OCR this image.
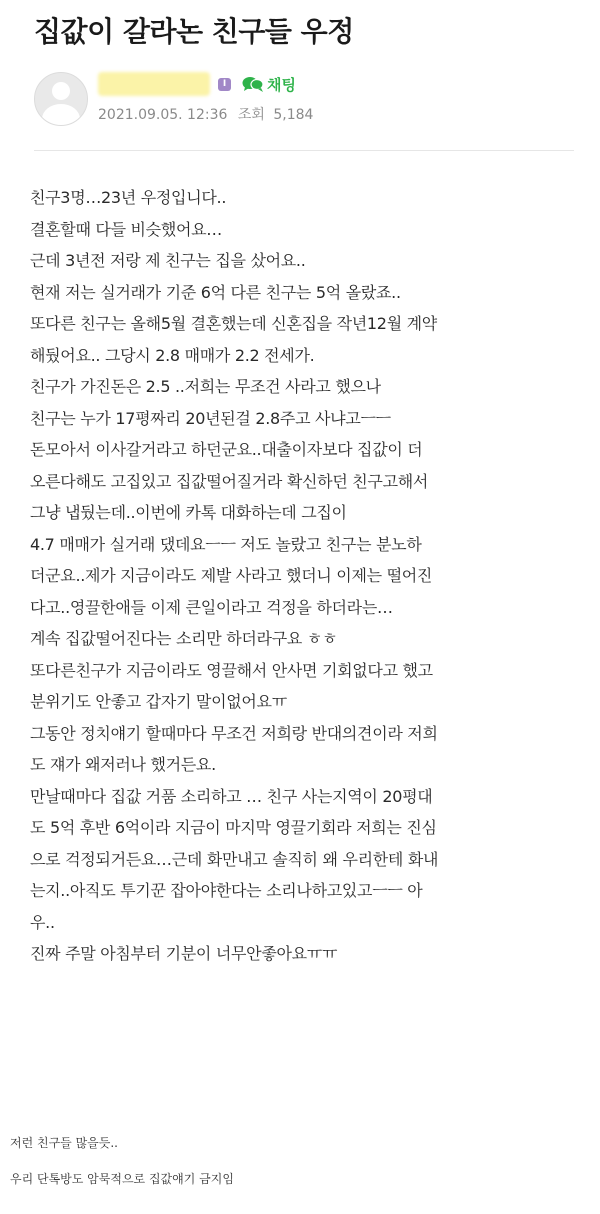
집값이 갈라논 친구들 우정
I	채팅
2021.09.05. 12:36 조회 5,184
친구3명…23년 우정입니다..
결혼할때 다들 비슷했어요…
근데 3년전 저랑 제 친구는 집을 샀어요..
현재 저는 실거래가 기준 6억 다른 친구는 5억 올랐죠..
또다른 친구는 올해5월 결혼했는데 신혼집을 작년12월 계약
해뒀어요.. 그당시 2.8 매매가 2.2 전세가.
친구가 가진돈은 2.5 ..저희는 무조건 사라고 했으나
친구는 누가 17평짜리 20년된걸 2.8주고 사냐고ㅡㅡ
돈모아서 이사갈거라고 하던군요..대출이자보다 집값이 더
오른다해도 고집있고 집값떨어질거라 확신하던 친구고해서
그냥 냅뒀는데..이번에 카톡 대화하는데 그집이
4.7 매매가 실거래 댔데요ㅡㅡ 저도 놀랐고 친구는 분노하
더군요..제가 지금이라도 제발 사라고 했더니 이제는 떨어진
다고..영끌한애들 이제 큰일이라고 걱정을 하더라는…
계속 집값떨어진다는 소리만 하더라구요 ㅎㅎ
또다른친구가 지금이라도 영끌해서 안사면 기회없다고 했고
분위기도 안좋고 갑자기 말이없어요ㅠ
그동안 정치얘기 할때마다 무조건 저희랑 반대의견이라 저희
도 쟤가 왜저러나 했거든요.
만날때마다 집값 거품 소리하고 … 친구 사는지역이 20평대
도 5억 후반 6억이라 지금이 마지막 영끌기회라 저희는 진심
으로 걱정되거든요…근데 화만내고 솔직히 왜 우리한테 화내
는지..아직도 투기꾼 잡아야한다는 소리나하고있고ㅡㅡ 아
우..
진짜 주말 아침부터 기분이 너무안좋아요ㅠㅠ
저런 친구들 많을듯..
우리 단톡방도 암묵적으로 집값얘기 금지임
